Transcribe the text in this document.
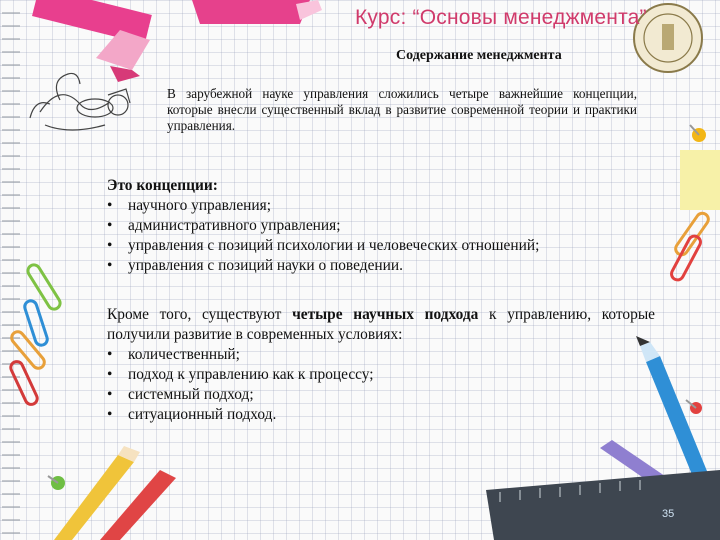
Курс: “Основы менеджмента”
Содержание менеджмента
В зарубежной науке управления сложились четыре важнейшие концепции, которые внесли существенный вклад в развитие современной теории и практики управления.
Это концепции:
• научного управления;
• административного управления;
• управления с позиций психологии и человеческих отношений;
• управления с позиций науки о поведении.
Кроме того, существуют четыре научных подхода к управлению, которые получили развитие в современных условиях:
• количественный;
• подход к управлению как к процессу;
• системный подход;
• ситуационный подход.
35
